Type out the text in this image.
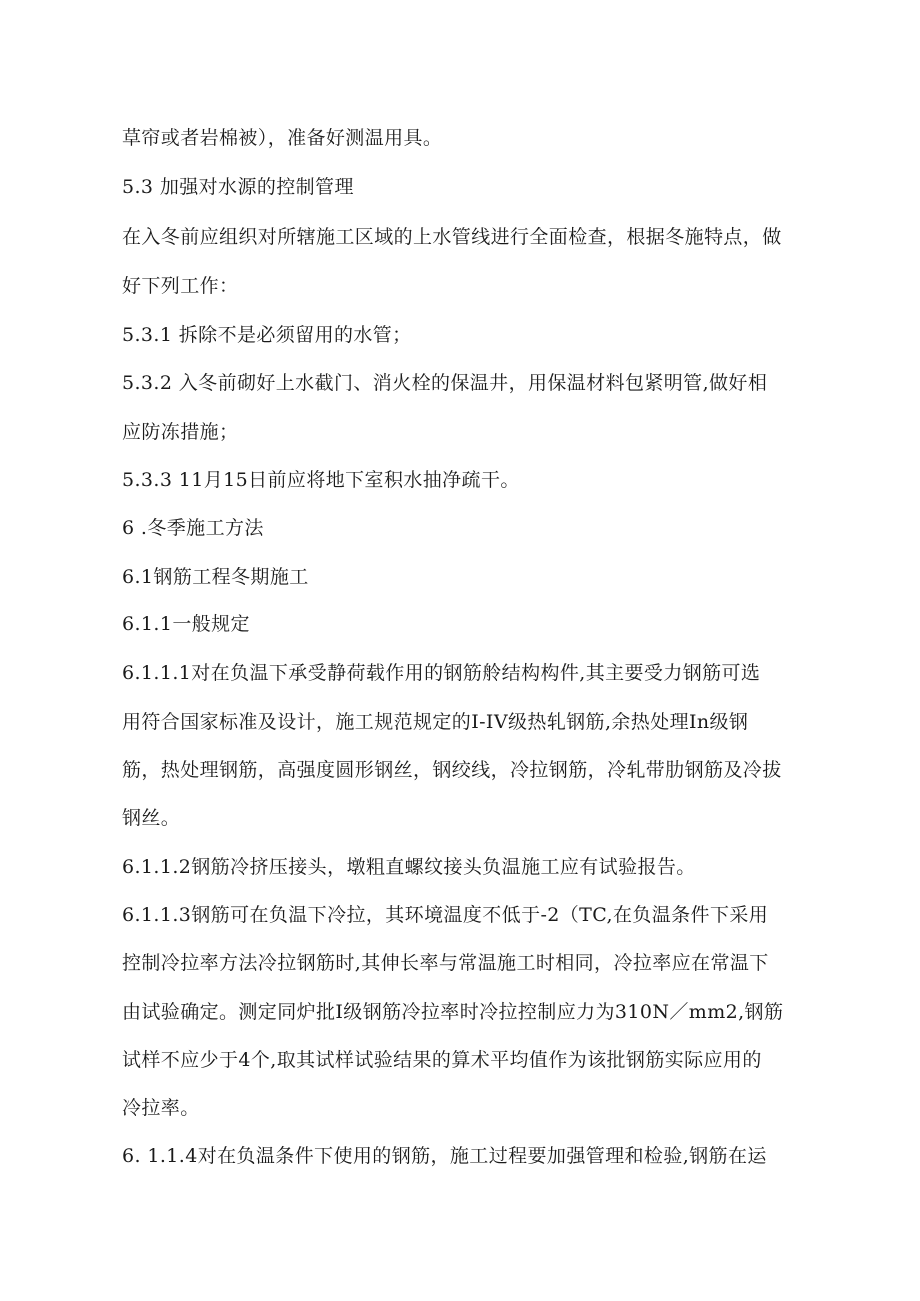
草帘或者岩棉被），准备好测温用具。
5.3 加强对水源的控制管理
在入冬前应组织对所辖施工区域的上水管线进行全面检查，根据冬施特点，做
好下列工作：
5.3.1 拆除不是必须留用的水管；
5.3.2 入冬前砌好上水截门、消火栓的保温井，用保温材料包紧明管,做好相
应防冻措施；
5.3.3 11月15日前应将地下室积水抽净疏干。
6 .冬季施工方法
6.1钢筋工程冬期施工
6.1.1一般规定
6.1.1.1对在负温下承受静荷载作用的钢筋舲结构构件,其主要受力钢筋可选
用符合国家标准及设计，施工规范规定的I-IV级热轧钢筋,余热处理In级钢
筋，热处理钢筋，高强度圆形钢丝，钢绞线，冷拉钢筋，冷轧带肋钢筋及冷拔
钢丝。
6.1.1.2钢筋冷挤压接头，墩粗直螺纹接头负温施工应有试验报告。
6.1.1.3钢筋可在负温下冷拉，其环境温度不低于-2（TC,在负温条件下采用
控制冷拉率方法冷拉钢筋时,其伸长率与常温施工时相同，冷拉率应在常温下
由试验确定。测定同炉批Ⅰ级钢筋冷拉率时冷拉控制应力为310N／mm2,钢筋
试样不应少于4个,取其试样试验结果的算术平均值作为该批钢筋实际应用的
冷拉率。
6. 1.1.4对在负温条件下使用的钢筋，施工过程要加强管理和检验,钢筋在运
